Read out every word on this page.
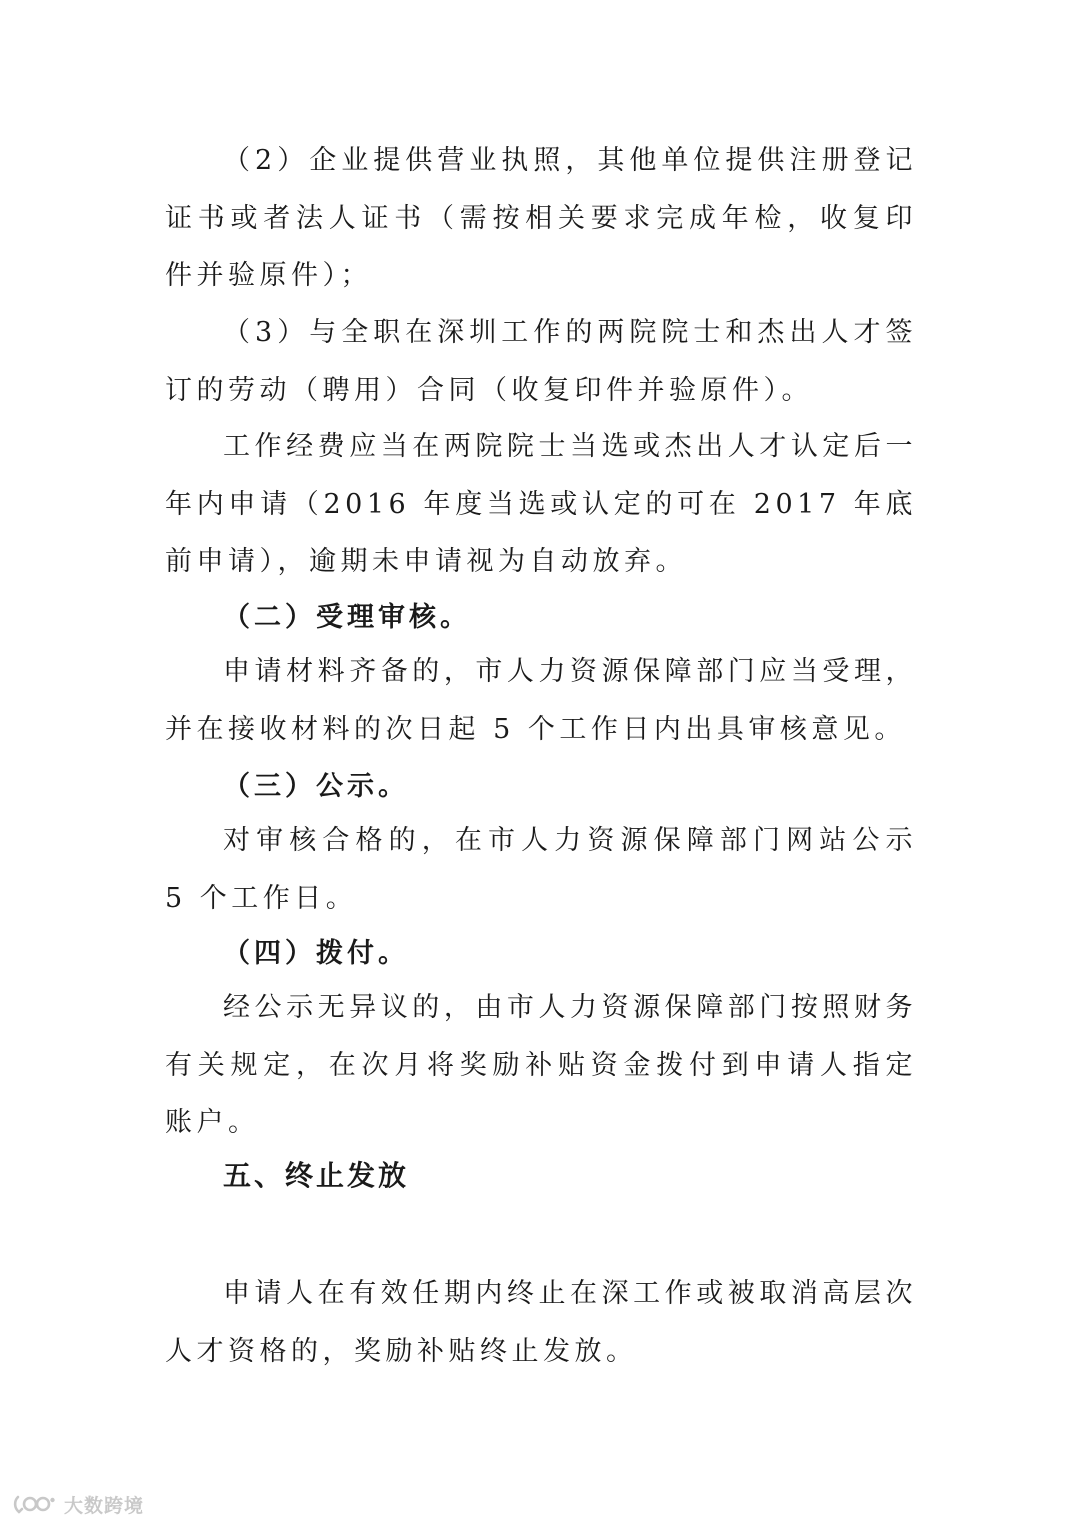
（2）企业提供营业执照，其他单位提供注册登记证书或者法人证书（需按相关要求完成年检，收复印件并验原件）；

（3）与全职在深圳工作的两院院士和杰出人才签订的劳动（聘用）合同（收复印件并验原件）。

工作经费应当在两院院士当选或杰出人才认定后一年内申请（2016 年度当选或认定的可在 2017 年底前申请），逾期未申请视为自动放弃。

（二）受理审核。

申请材料齐备的，市人力资源保障部门应当受理，并在接收材料的次日起 5 个工作日内出具审核意见。

（三）公示。

对审核合格的，在市人力资源保障部门网站公示 5 个工作日。

（四）拨付。

经公示无异议的，由市人力资源保障部门按照财务有关规定，在次月将奖励补贴资金拨付到申请人指定账户。

五、终止发放

申请人在有效任期内终止在深工作或被取消高层次人才资格的，奖励补贴终止发放。

大数跨境
